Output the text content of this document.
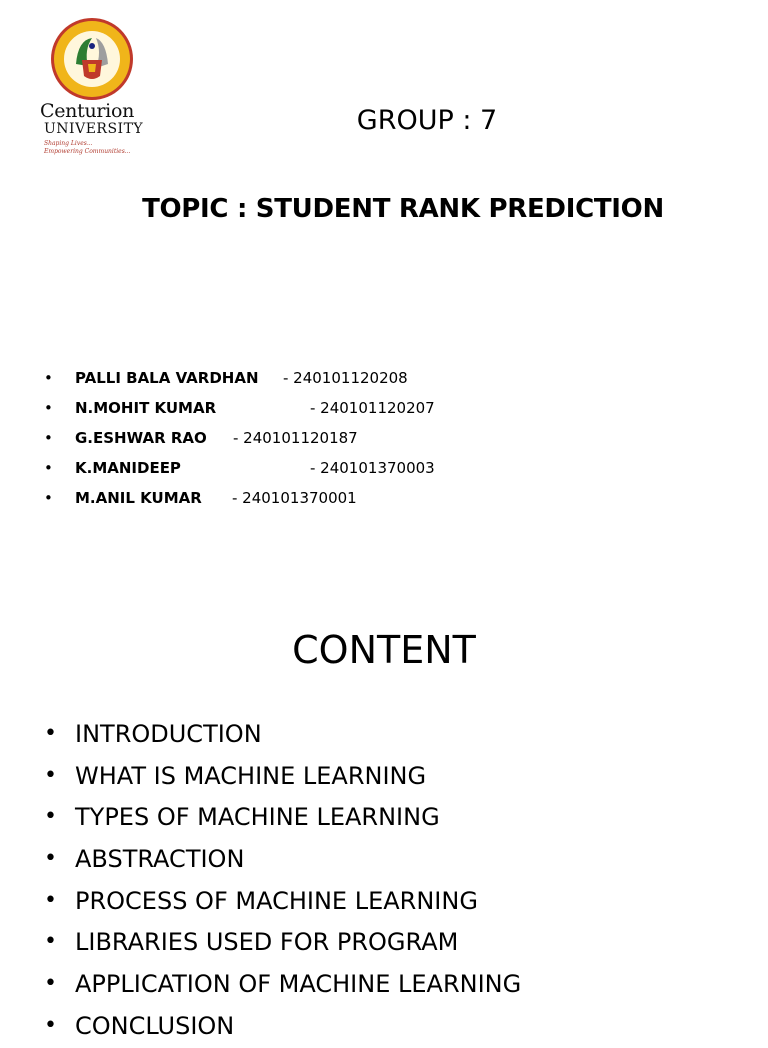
Centurion
UNIVERSITY
Shaping Lives...
Empowering Communities...
GROUP : 7
TOPIC : STUDENT RANK PREDICTION
• PALLI BALA VARDHAN - 240101120208
• N.MOHIT KUMAR	- 240101120207
• G.ESHWAR RAO - 240101120187
• K.MANIDEEP	- 240101370003
• M.ANIL KUMAR - 240101370001
CONTENT
• INTRODUCTION
• WHAT IS MACHINE LEARNING
• TYPES OF MACHINE LEARNING
• ABSTRACTION
• PROCESS OF MACHINE LEARNING
• LIBRARIES USED FOR PROGRAM
• APPLICATION OF MACHINE LEARNING
• CONCLUSION
